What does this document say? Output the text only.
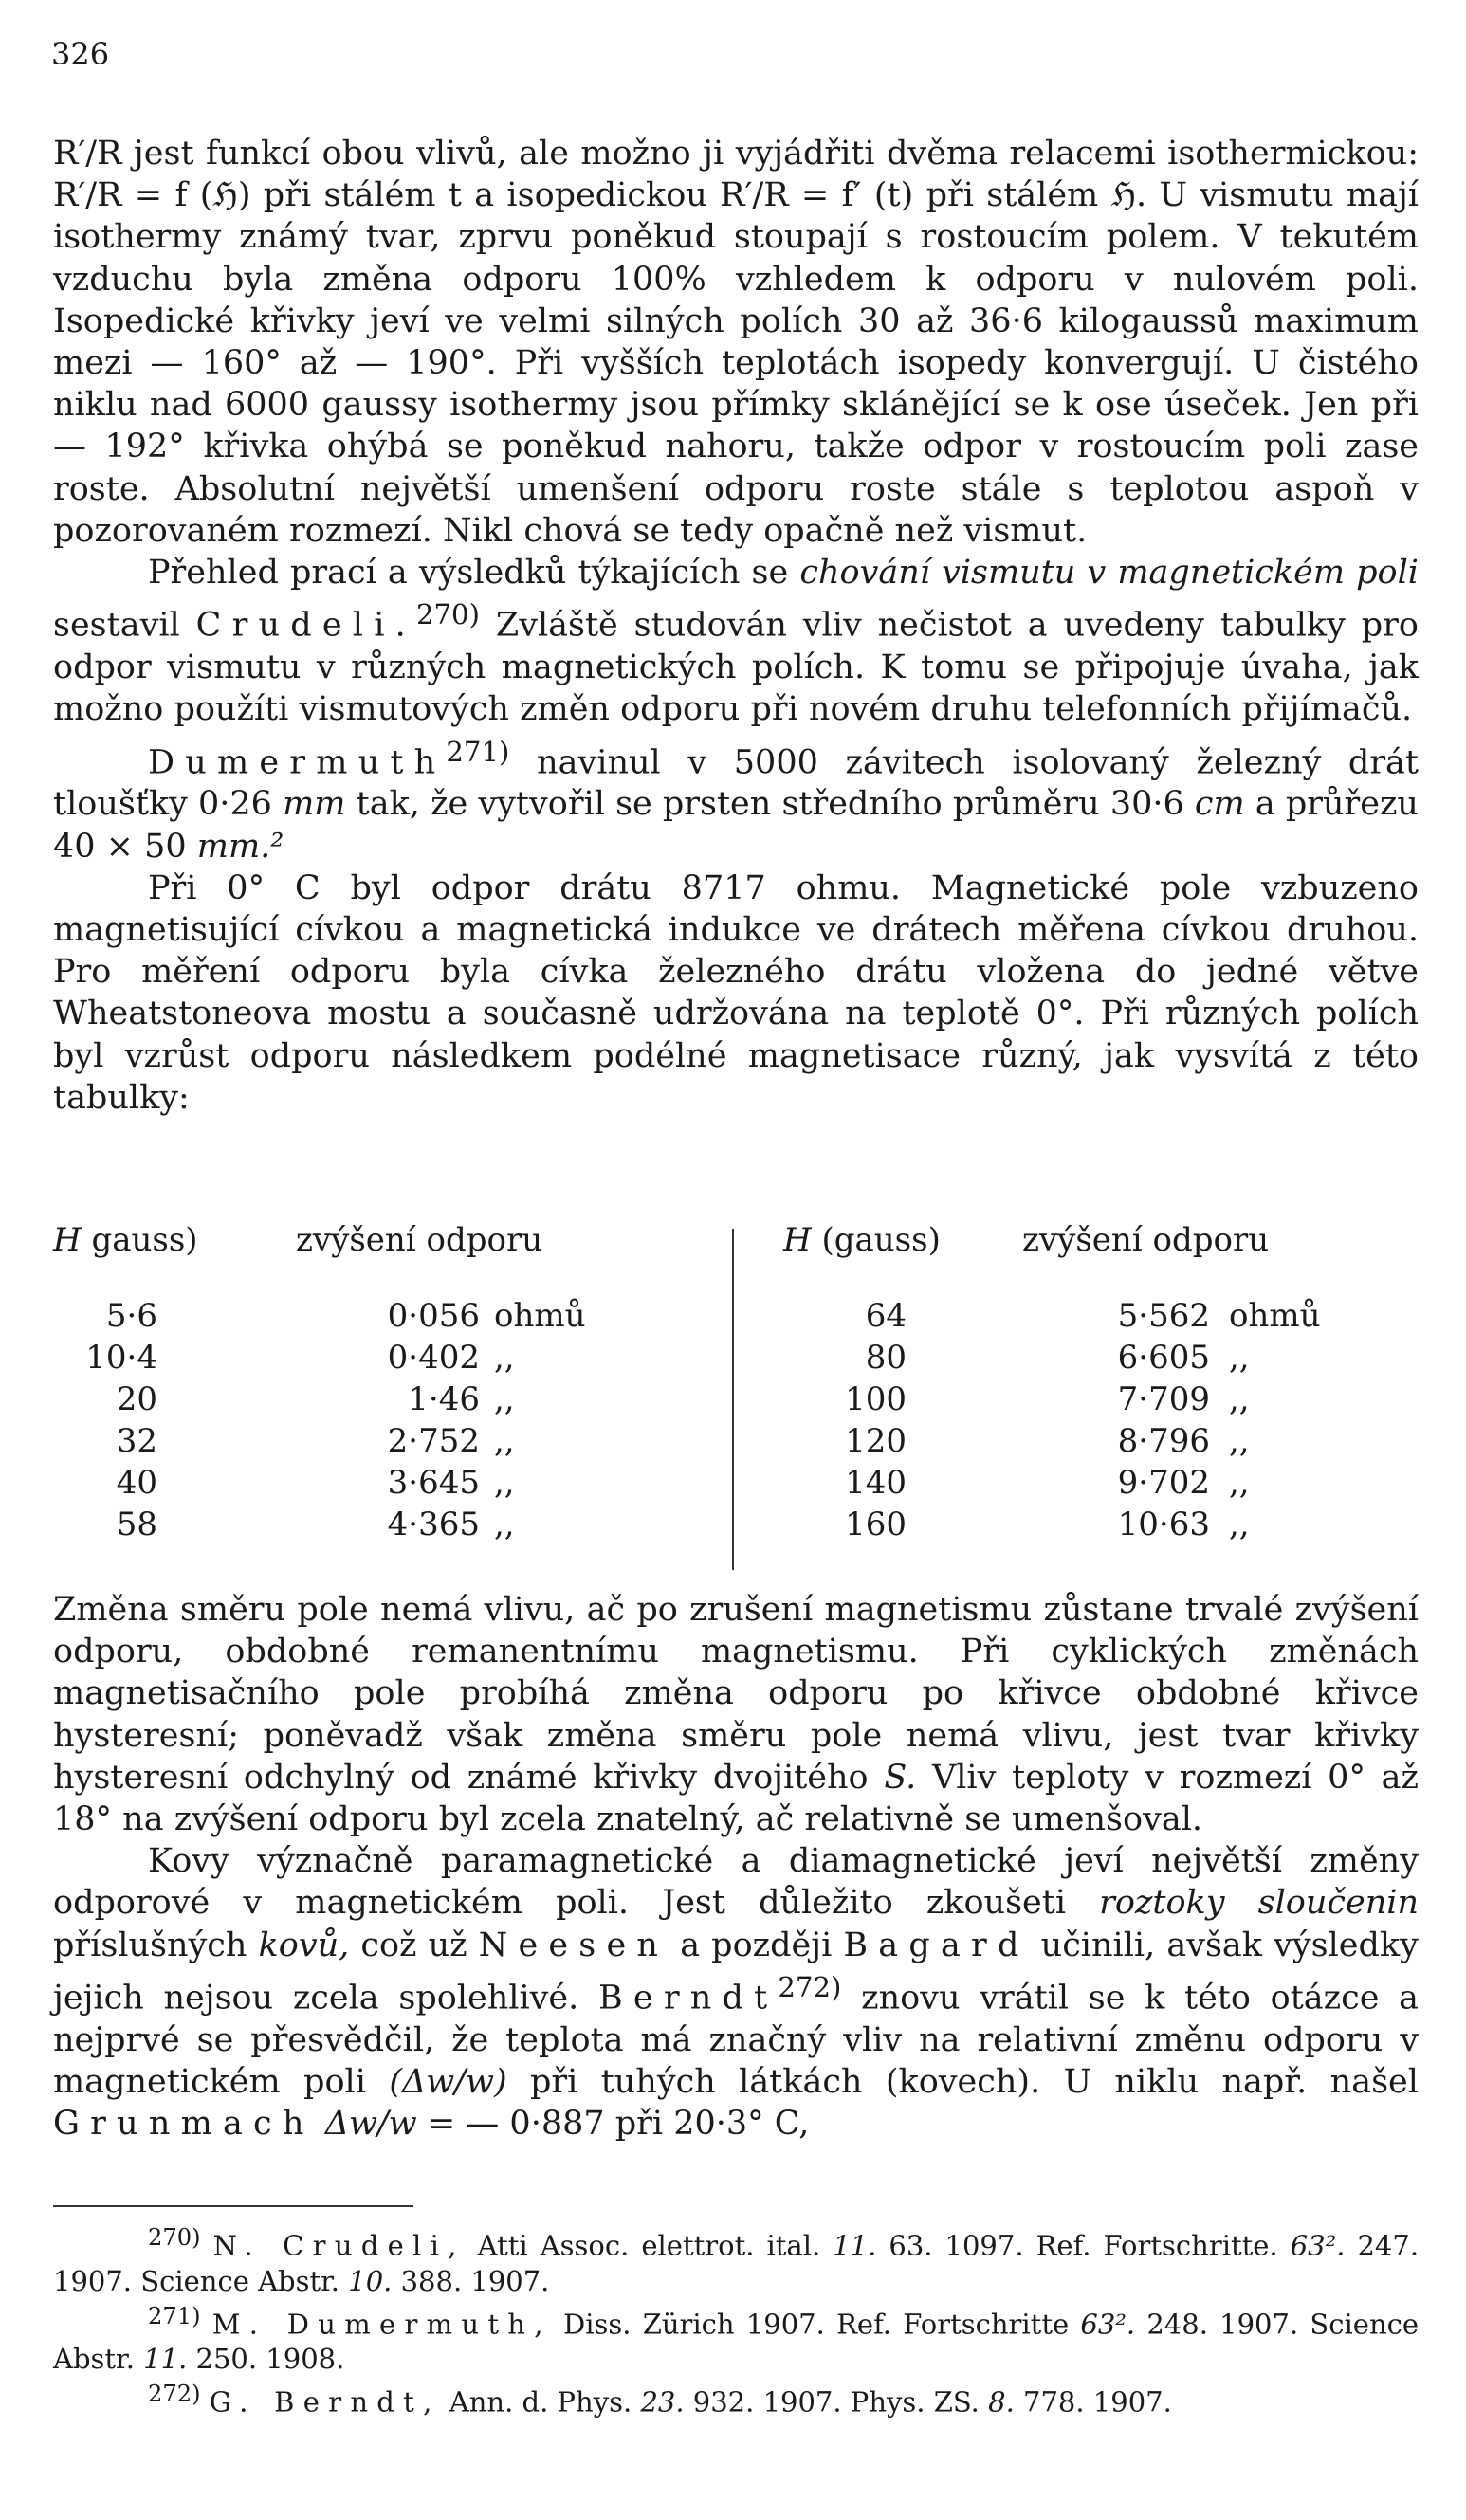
326

R′/R jest funkcí obou vlivů, ale možno ji vyjádřiti dvěma relacemi isothermickou: R′/R = f (ℌ) při stálém t a isopedickou R′/R = f′ (t) při stálém ℌ. U vismutu mají isothermy známý tvar, zprvu poněkud stoupají s rostoucím polem. V tekutém vzduchu byla změna odporu 100% vzhledem k odporu v nulovém poli. Isopedické křivky jeví ve velmi silných polích 30 až 36·6 kilogaussů maximum mezi — 160° až — 190°. Při vyšších teplotách isopedy konvergují. U čistého niklu nad 6000 gaussy isothermy jsou přímky sklánějící se k ose úseček. Jen při — 192° křivka ohýbá se poněkud nahoru, takže odpor v rostoucím poli zase roste. Absolutní největší umenšení odporu roste stále s teplotou aspoň v pozorovaném rozmezí. Nikl chová se tedy opačně než vismut.

Přehled prací a výsledků týkajících se chování vismutu v magnetickém poli sestavil Crudeli.$^{270)}$ Zvláště studován vliv nečistot a uvedeny tabulky pro odpor vismutu v různých magnetických polích. K tomu se připojuje úvaha, jak možno použíti vismutových změn odporu při novém druhu telefonních přijímačů.

Dumermuth$^{271)}$ navinul v 5000 závitech isolovaný železný drát tloušťky 0·26 mm tak, že vytvořil se prsten středního průměru 30·6 cm a průřezu 40 × 50 mm.²

Při 0° C byl odpor drátu 8717 ohmu. Magnetické pole vzbuzeno magnetisující cívkou a magnetická indukce ve drátech měřena cívkou druhou. Pro měření odporu byla cívka železného drátu vložena do jedné větve Wheatstoneova mostu a současně udržována na teplotě 0°. Při různých polích byl vzrůst odporu následkem podélné magnetisace různý, jak vysvítá z této tabulky:

H gauss)	zvýšení odporu
5·6	0·056 ohmů
10·4	0·402 ,,
20	1·46 ,,
32	2·752 ,,
40	3·645 ,,
58	4·365 ,,
H (gauss)	zvýšení odporu
64	5·562 ohmů
80	6·605 ,,
100	7·709 ,,
120	8·796 ,,
140	9·702 ,,
160	10·63 ,,

Změna směru pole nemá vlivu, ač po zrušení magnetismu zůstane trvalé zvýšení odporu, obdobné remanentnímu magnetismu. Při cyklických změnách magnetisačního pole probíhá změna odporu po křivce obdobné křivce hysteresní; poněvadž však změna směru pole nemá vlivu, jest tvar křivky hysteresní odchylný od známé křivky dvojitého S. Vliv teploty v rozmezí 0° až 18° na zvýšení odporu byl zcela znatelný, ač relativně se umenšoval.

Kovy význačně paramagnetické a diamagnetické jeví největší změny odporové v magnetickém poli. Jest důležito zkoušeti roztoky sloučenin příslušných kovů, což už Neesen a později Bagard učinili, avšak výsledky jejich nejsou zcela spolehlivé. Berndt$^{272)}$ znovu vrátil se k této otázce a nejprvé se přesvědčil, že teplota má značný vliv na relativní změnu odporu v magnetickém poli (Δw/w) při tuhých látkách (kovech). U niklu např. našel Grunmach Δw/w = — 0·887 při 20·3° C,

$^{270)}$ N. Crudeli, Atti Assoc. elettrot. ital. 11. 63. 1097. Ref. Fortschritte. 63². 247. 1907. Science Abstr. 10. 388. 1907.

$^{271)}$ M. Dumermuth, Diss. Zürich 1907. Ref. Fortschritte 63². 248. 1907. Science Abstr. 11. 250. 1908.

$^{272)}$ G. Berndt, Ann. d. Phys. 23. 932. 1907. Phys. ZS. 8. 778. 1907.
